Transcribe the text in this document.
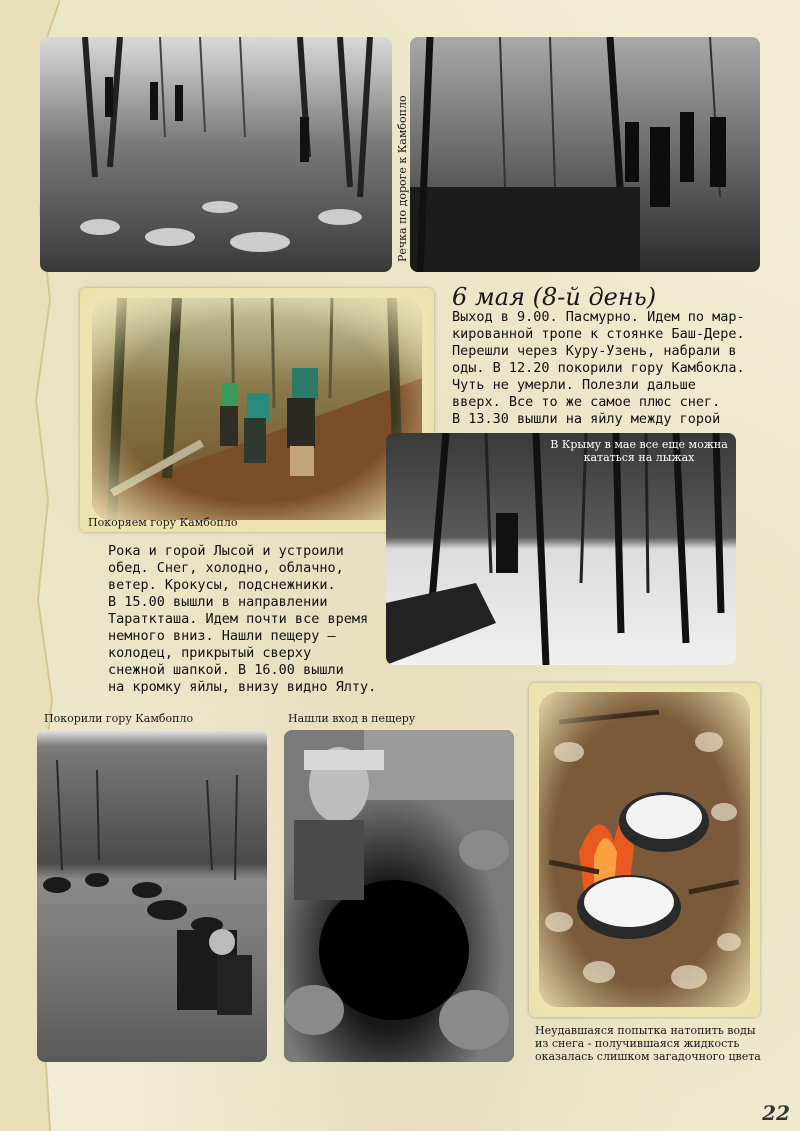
Речка по дороге к Камбопло
6 мая (8-й день)
Выход в 9.00. Пасмурно. Идем по мар-
кированной тропе к стоянке Баш-Дере.
Перешли через Куру-Узень, набрали в
оды. В 12.20 покорили гору Камбокла.
Чуть не умерли. Полезли дальше
вверх. Все то же самое плюс снег.
В 13.30 вышли на яйлу между горой
Покоряем гору Камбопло
В Крыму в мае все еще можна кататься на лыжах
Рока и горой Лысой и устроили
обед. Снег, холодно, облачно,
ветер. Крокусы, подснежники.
В 15.00 вышли в направлении
Тараткташа. Идем почти все время
немного вниз. Нашли пещеру –
колодец, прикрытый сверху
снежной шапкой. В 16.00 вышли
на кромку яйлы, внизу видно Ялту.
Покорили гору Камбопло	Нашли вход в пещеру
Неудавшаяся попытка натопить воды
из снега - получившаяся жидкость
оказалась слишком загадочного цвета
22
